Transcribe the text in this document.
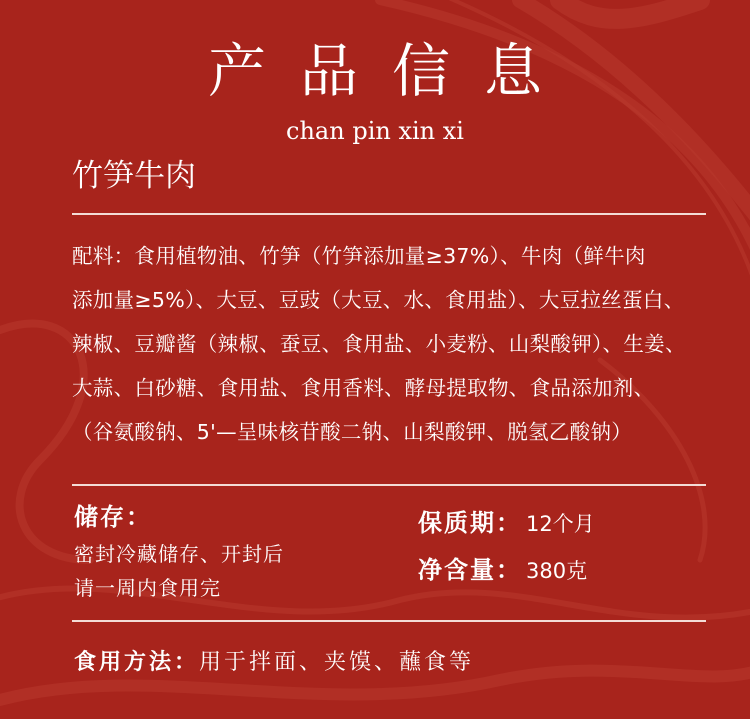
产品信息
chan pin xin xi
竹笋牛肉
配料：食用植物油、竹笋（竹笋添加量≥37%）、牛肉（鲜牛肉
添加量≥5%）、大豆、豆豉（大豆、水、食用盐）、大豆拉丝蛋白、
辣椒、豆瓣酱（辣椒、蚕豆、食用盐、小麦粉、山梨酸钾）、生姜、
大蒜、白砂糖、食用盐、食用香料、酵母提取物、食品添加剂、
（谷氨酸钠、5'—呈味核苷酸二钠、山梨酸钾、脱氢乙酸钠）
储存：
密封冷藏储存、开封后
请一周内食用完
保质期： 12个月
净含量： 380克
食用方法：用于拌面、夹馍、蘸食等
